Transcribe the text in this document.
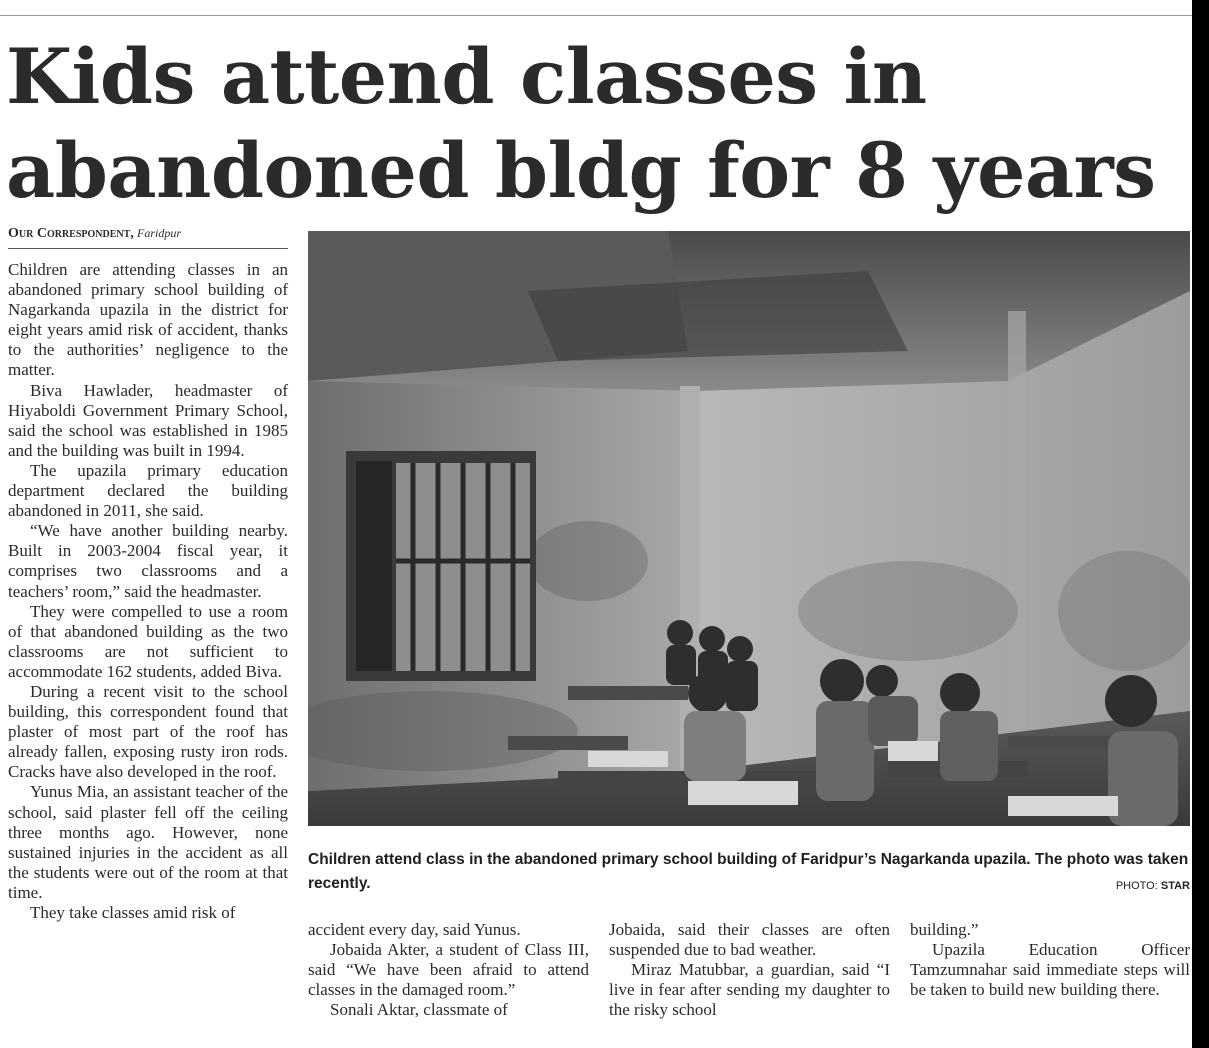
Kids attend classes in abandoned bldg for 8 years
Our Correspondent, Faridpur

Children are attending classes in an abandoned primary school building of Nagarkanda upazila in the district for eight years amid risk of accident, thanks to the authorities’ negligence to the matter.

Biva Hawlader, headmaster of Hiyaboldi Government Primary School, said the school was established in 1985 and the building was built in 1994.

The upazila primary education department declared the building abandoned in 2011, she said.

“We have another building nearby. Built in 2003-2004 fiscal year, it comprises two classrooms and a teachers’ room,” said the headmaster.

They were compelled to use a room of that abandoned building as the two classrooms are not sufficient to accommodate 162 students, added Biva.

During a recent visit to the school building, this correspondent found that plaster of most part of the roof has already fallen, exposing rusty iron rods. Cracks have also developed in the roof.

Yunus Mia, an assistant teacher of the school, said plaster fell off the ceiling three months ago. However, none sustained injuries in the accident as all the students were out of the room at that time.

They take classes amid risk of

Children attend class in the abandoned primary school building of Faridpur’s Nagarkanda upazila. The photo was taken recently.	PHOTO: STAR

accident every day, said Yunus.

Jobaida Akter, a student of Class III, said “We have been afraid to attend classes in the damaged room.”

Sonali Aktar, classmate of

Jobaida, said their classes are often suspended due to bad weather.

Miraz Matubbar, a guardian, said “I live in fear after sending my daughter to the risky school

building.”

Upazila Education Officer Tamzumnahar said immediate steps will be taken to build new building there.
